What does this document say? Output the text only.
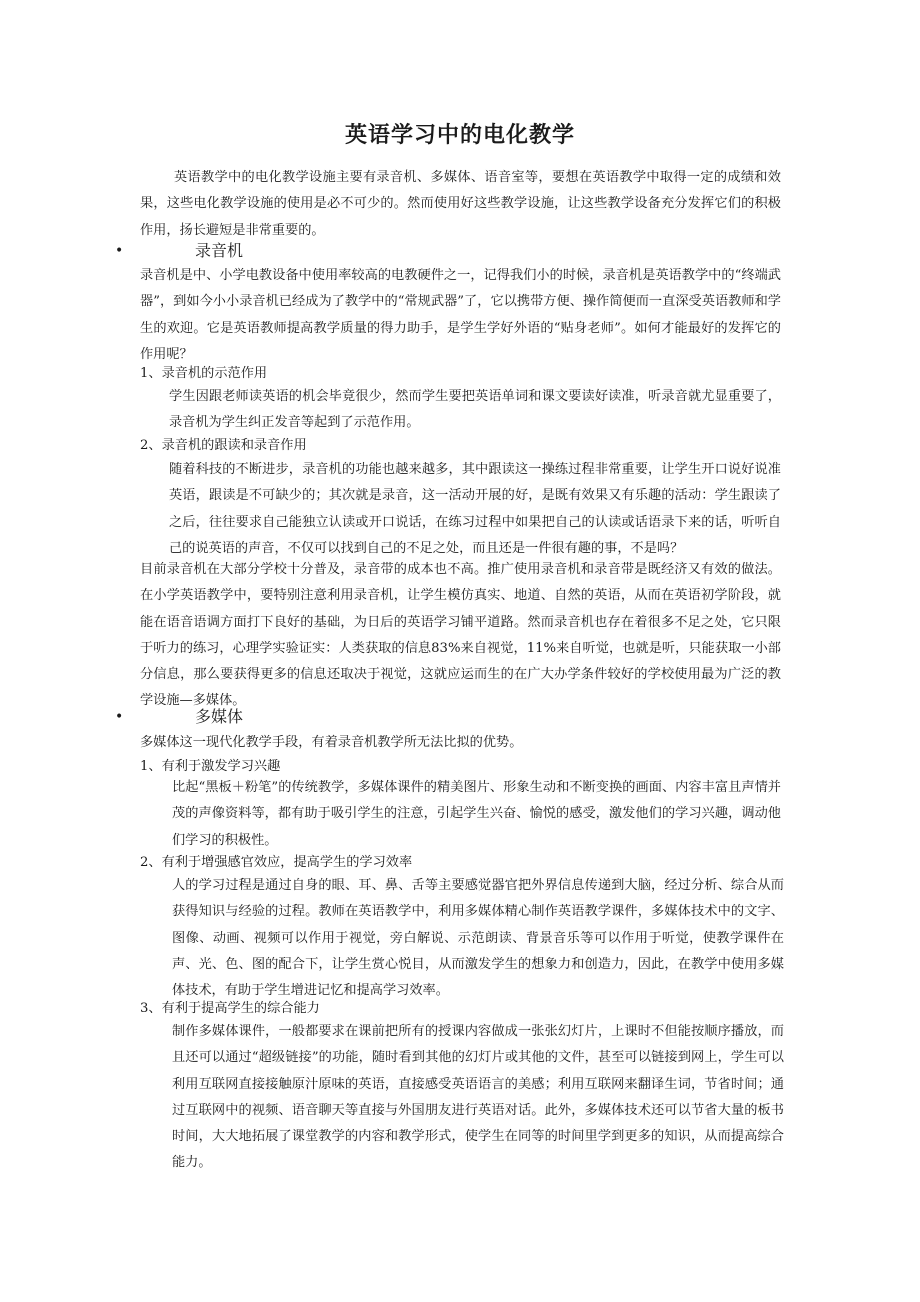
英语学习中的电化教学

英语教学中的电化教学设施主要有录音机、多媒体、语音室等，要想在英语教学中取得一定的成绩和效果，这些电化教学设施的使用是必不可少的。然而使用好这些教学设施，让这些教学设备充分发挥它们的积极作用，扬长避短是非常重要的。

•	录音机

录音机是中、小学电教设备中使用率较高的电教硬件之一，记得我们小的时候，录音机是英语教学中的“终端武器”，到如今小小录音机已经成为了教学中的“常规武器”了，它以携带方便、操作简便而一直深受英语教师和学生的欢迎。它是英语教师提高教学质量的得力助手，是学生学好外语的“贴身老师”。如何才能最好的发挥它的作用呢？

1、录音机的示范作用

学生因跟老师读英语的机会毕竟很少，然而学生要把英语单词和课文要读好读准，听录音就尤显重要了，录音机为学生纠正发音等起到了示范作用。

2、录音机的跟读和录音作用

随着科技的不断进步，录音机的功能也越来越多，其中跟读这一操练过程非常重要，让学生开口说好说准英语，跟读是不可缺少的；其次就是录音，这一活动开展的好，是既有效果又有乐趣的活动：学生跟读了之后，往往要求自己能独立认读或开口说话，在练习过程中如果把自己的认读或话语录下来的话，听听自己的说英语的声音，不仅可以找到自己的不足之处，而且还是一件很有趣的事，不是吗？

目前录音机在大部分学校十分普及，录音带的成本也不高。推广使用录音机和录音带是既经济又有效的做法。在小学英语教学中，要特别注意利用录音机，让学生模仿真实、地道、自然的英语，从而在英语初学阶段，就能在语音语调方面打下良好的基础，为日后的英语学习铺平道路。然而录音机也存在着很多不足之处，它只限于听力的练习，心理学实验证实：人类获取的信息83%来自视觉，11%来自听觉，也就是听，只能获取一小部分信息，那么要获得更多的信息还取决于视觉，这就应运而生的在广大办学条件较好的学校使用最为广泛的教学设施—多媒体。

•	多媒体

多媒体这一现代化教学手段，有着录音机教学所无法比拟的优势。

1、有利于激发学习兴趣

比起“黑板＋粉笔”的传统教学，多媒体课件的精美图片、形象生动和不断变换的画面、内容丰富且声情并茂的声像资料等，都有助于吸引学生的注意，引起学生兴奋、愉悦的感受，激发他们的学习兴趣，调动他们学习的积极性。

2、有利于增强感官效应，提高学生的学习效率

人的学习过程是通过自身的眼、耳、鼻、舌等主要感觉器官把外界信息传递到大脑，经过分析、综合从而获得知识与经验的过程。教师在英语教学中，利用多媒体精心制作英语教学课件，多媒体技术中的文字、图像、动画、视频可以作用于视觉，旁白解说、示范朗读、背景音乐等可以作用于听觉，使教学课件在声、光、色、图的配合下，让学生赏心悦目，从而激发学生的想象力和创造力，因此，在教学中使用多媒体技术，有助于学生增进记忆和提高学习效率。

3、有利于提高学生的综合能力

制作多媒体课件，一般都要求在课前把所有的授课内容做成一张张幻灯片，上课时不但能按顺序播放，而且还可以通过“超级链接”的功能，随时看到其他的幻灯片或其他的文件，甚至可以链接到网上，学生可以利用互联网直接接触原汁原味的英语，直接感受英语语言的美感；利用互联网来翻译生词，节省时间；通过互联网中的视频、语音聊天等直接与外国朋友进行英语对话。此外，多媒体技术还可以节省大量的板书时间，大大地拓展了课堂教学的内容和教学形式，使学生在同等的时间里学到更多的知识，从而提高综合能力。
